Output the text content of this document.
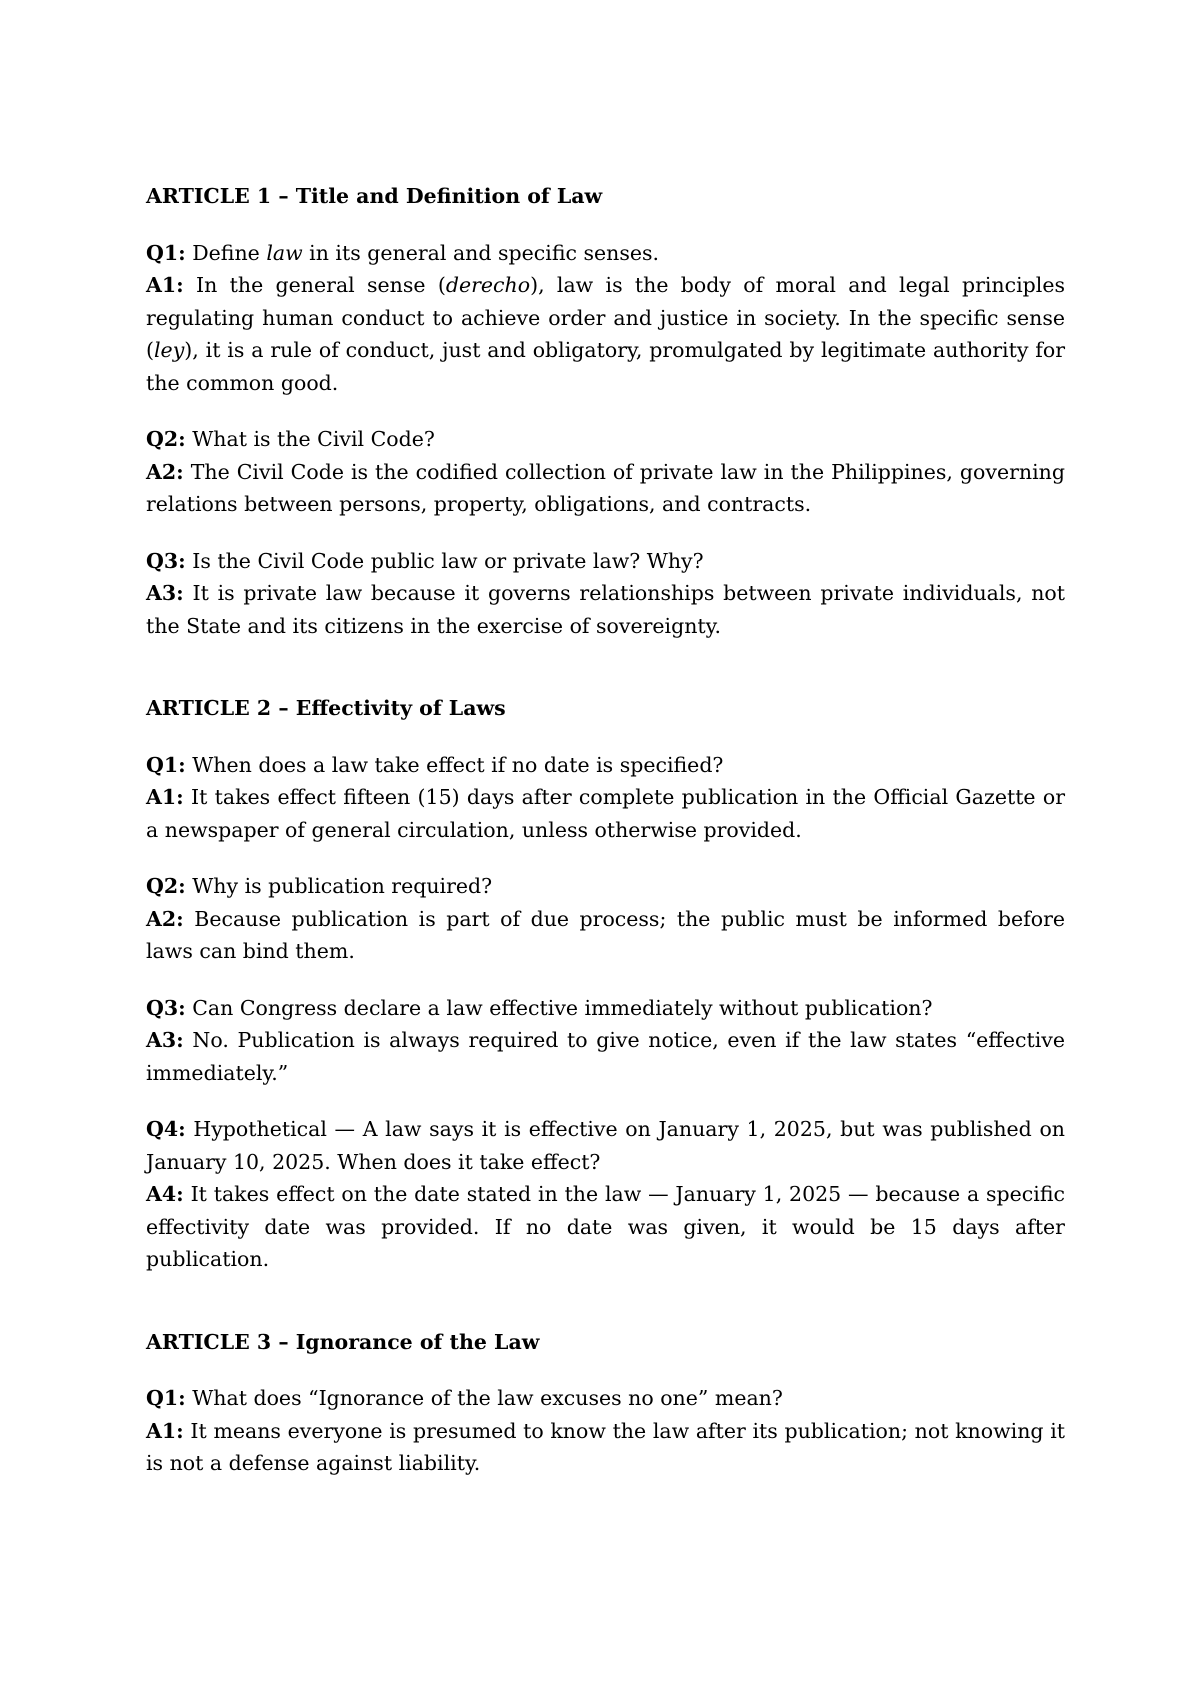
ARTICLE 1 – Title and Definition of Law

Q1: Define law in its general and specific senses.

A1: In the general sense (derecho), law is the body of moral and legal principles regulating human conduct to achieve order and justice in society. In the specific sense (ley), it is a rule of conduct, just and obligatory, promulgated by legitimate authority for the common good.

Q2: What is the Civil Code?

A2: The Civil Code is the codified collection of private law in the Philippines, governing relations between persons, property, obligations, and contracts.

Q3: Is the Civil Code public law or private law? Why?

A3: It is private law because it governs relationships between private individuals, not the State and its citizens in the exercise of sovereignty.

ARTICLE 2 – Effectivity of Laws

Q1: When does a law take effect if no date is specified?

A1: It takes effect fifteen (15) days after complete publication in the Official Gazette or a newspaper of general circulation, unless otherwise provided.

Q2: Why is publication required?

A2: Because publication is part of due process; the public must be informed before laws can bind them.

Q3: Can Congress declare a law effective immediately without publication?

A3: No. Publication is always required to give notice, even if the law states “effective immediately.”

Q4: Hypothetical — A law says it is effective on January 1, 2025, but was published on January 10, 2025. When does it take effect?

A4: It takes effect on the date stated in the law — January 1, 2025 — because a specific effectivity date was provided. If no date was given, it would be 15 days after publication.

ARTICLE 3 – Ignorance of the Law

Q1: What does “Ignorance of the law excuses no one” mean?

A1: It means everyone is presumed to know the law after its publication; not knowing it is not a defense against liability.
